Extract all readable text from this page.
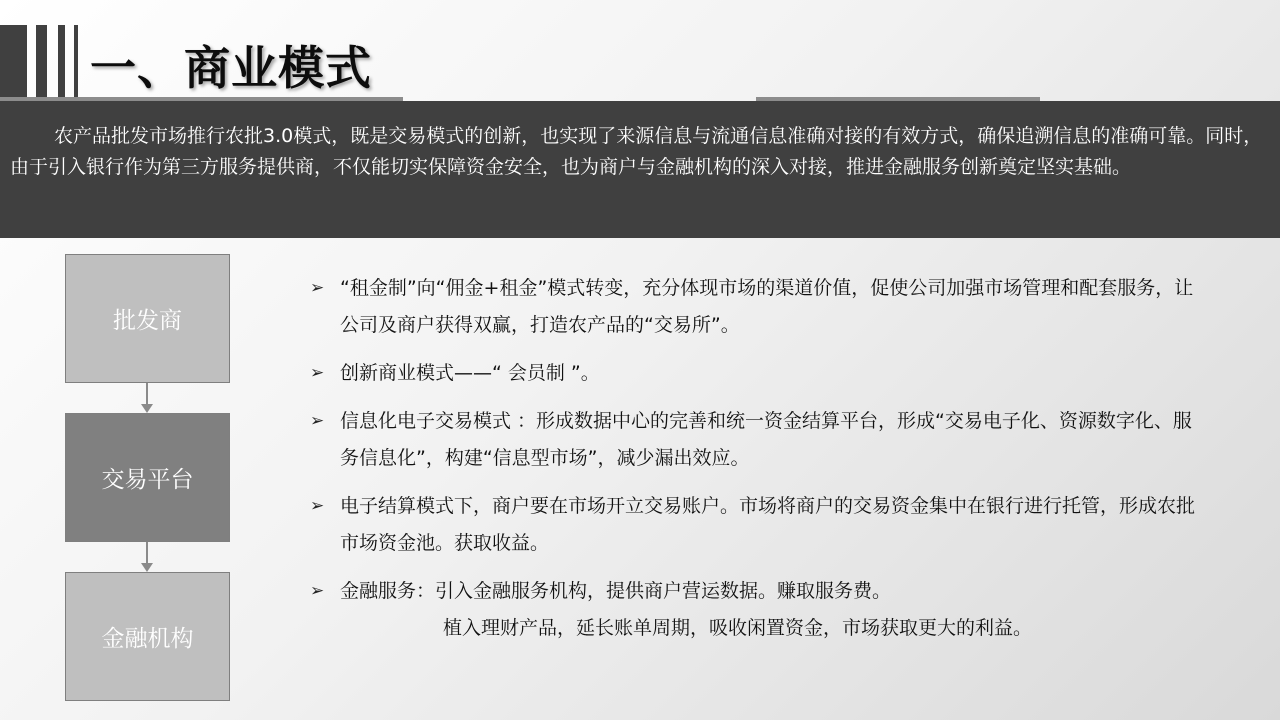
一、商业模式

农产品批发市场推行农批3.0模式，既是交易模式的创新，也实现了来源信息与流通信息准确对接的有效方式，确保追溯信息的准确可靠。同时，由于引入银行作为第三方服务提供商，不仅能切实保障资金安全，也为商户与金融机构的深入对接，推进金融服务创新奠定坚实基础。

批发商
交易平台
金融机构
➢ “租金制”向“佣金+租金”模式转变，充分体现市场的渠道价值，促使公司加强市场管理和配套服务，让公司及商户获得双赢，打造农产品的“交易所”。
➢ 创新商业模式——“ 会员制 ”。
➢ 信息化电子交易模式 ：形成数据中心的完善和统一资金结算平台，形成“交易电子化、资源数字化、服务信息化”，构建“信息型市场”，减少漏出效应。
➢ 电子结算模式下，商户要在市场开立交易账户。市场将商户的交易资金集中在银行进行托管，形成农批市场资金池。获取收益。
➢ 金融服务：引入金融服务机构，提供商户营运数据。赚取服务费。
植入理财产品，延长账单周期，吸收闲置资金，市场获取更大的利益。
